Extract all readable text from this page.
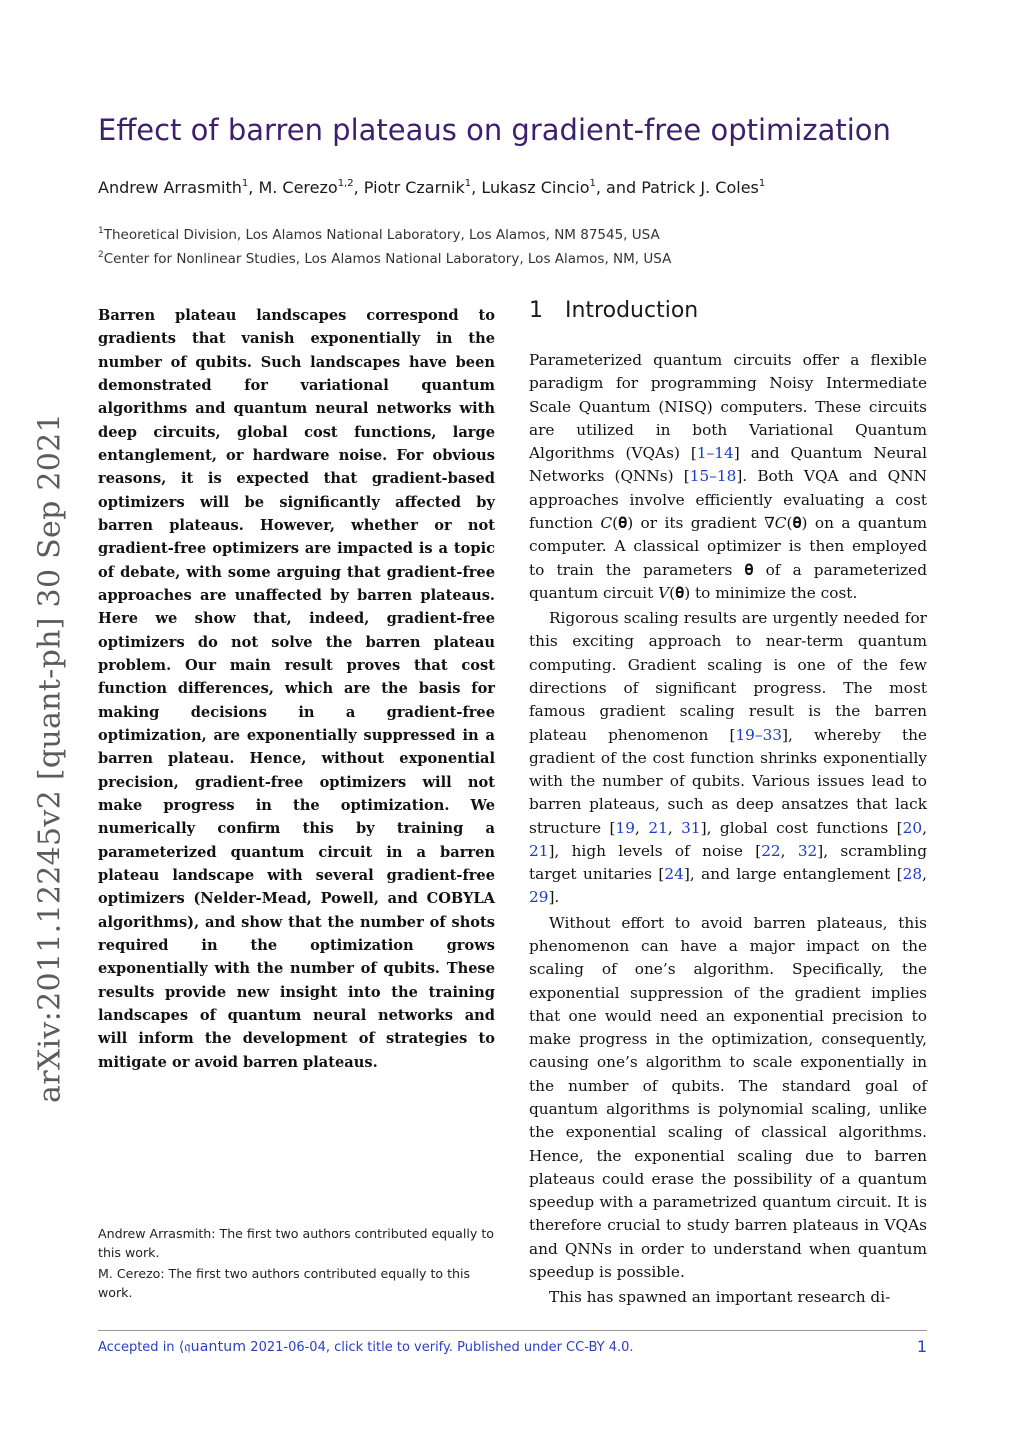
arXiv:2011.12245v2 [quant-ph] 30 Sep 2021
Effect of barren plateaus on gradient-free optimization
Andrew Arrasmith$^1$, M. Cerezo$^{1,2}$, Piotr Czarnik$^1$, Lukasz Cincio$^1$, and Patrick J. Coles$^1$
$^1$Theoretical Division, Los Alamos National Laboratory, Los Alamos, NM 87545, USA
$^2$Center for Nonlinear Studies, Los Alamos National Laboratory, Los Alamos, NM, USA

Barren plateau landscapes correspond to gradients that vanish exponentially in the number of qubits. Such landscapes have been demonstrated for variational quantum algorithms and quantum neural networks with deep circuits, global cost functions, large entanglement, or hardware noise. For obvious reasons, it is expected that gradient-based optimizers will be significantly affected by barren plateaus. However, whether or not gradient-free optimizers are impacted is a topic of debate, with some arguing that gradient-free approaches are unaffected by barren plateaus. Here we show that, indeed, gradient-free optimizers do not solve the barren plateau problem. Our main result proves that cost function differences, which are the basis for making decisions in a gradient-free optimization, are exponentially suppressed in a barren plateau. Hence, without exponential precision, gradient-free optimizers will not make progress in the optimization. We numerically confirm this by training a parameterized quantum circuit in a barren plateau landscape with several gradient-free optimizers (Nelder-Mead, Powell, and COBYLA algorithms), and show that the number of shots required in the optimization grows exponentially with the number of qubits. These results provide new insight into the training landscapes of quantum neural networks and will inform the development of strategies to mitigate or avoid barren plateaus.

Andrew Arrasmith: The first two authors contributed equally to this work.

M. Cerezo: The first two authors contributed equally to this work.

1 Introduction

Parameterized quantum circuits offer a flexible paradigm for programming Noisy Intermediate Scale Quantum (NISQ) computers. These circuits are utilized in both Variational Quantum Algorithms (VQAs) [1–14] and Quantum Neural Networks (QNNs) [15–18]. Both VQA and QNN approaches involve efficiently evaluating a cost function 𝐶(𝛉) or its gradient ∇𝐶(𝛉) on a quantum computer. A classical optimizer is then employed to train the parameters 𝛉 of a parameterized quantum circuit 𝑉(𝛉) to minimize the cost.

Rigorous scaling results are urgently needed for this exciting approach to near-term quantum computing. Gradient scaling is one of the few directions of significant progress. The most famous gradient scaling result is the barren plateau phenomenon [19–33], whereby the gradient of the cost function shrinks exponentially with the number of qubits. Various issues lead to barren plateaus, such as deep ansatzes that lack structure [19, 21, 31], global cost functions [20, 21], high levels of noise [22, 32], scrambling target unitaries [24], and large entanglement [28, 29].

Without effort to avoid barren plateaus, this phenomenon can have a major impact on the scaling of one’s algorithm. Specifically, the exponential suppression of the gradient implies that one would need an exponential precision to make progress in the optimization, consequently, causing one’s algorithm to scale exponentially in the number of qubits. The standard goal of quantum algorithms is polynomial scaling, unlike the exponential scaling of classical algorithms. Hence, the exponential scaling due to barren plateaus could erase the possibility of a quantum speedup with a parametrized quantum circuit. It is therefore crucial to study barren plateaus in VQAs and QNNs in order to understand when quantum speedup is possible.

This has spawned an important research di-

Accepted in ⟨𝔮uantum 2021-06-04, click title to verify. Published under CC-BY 4.0.	1
